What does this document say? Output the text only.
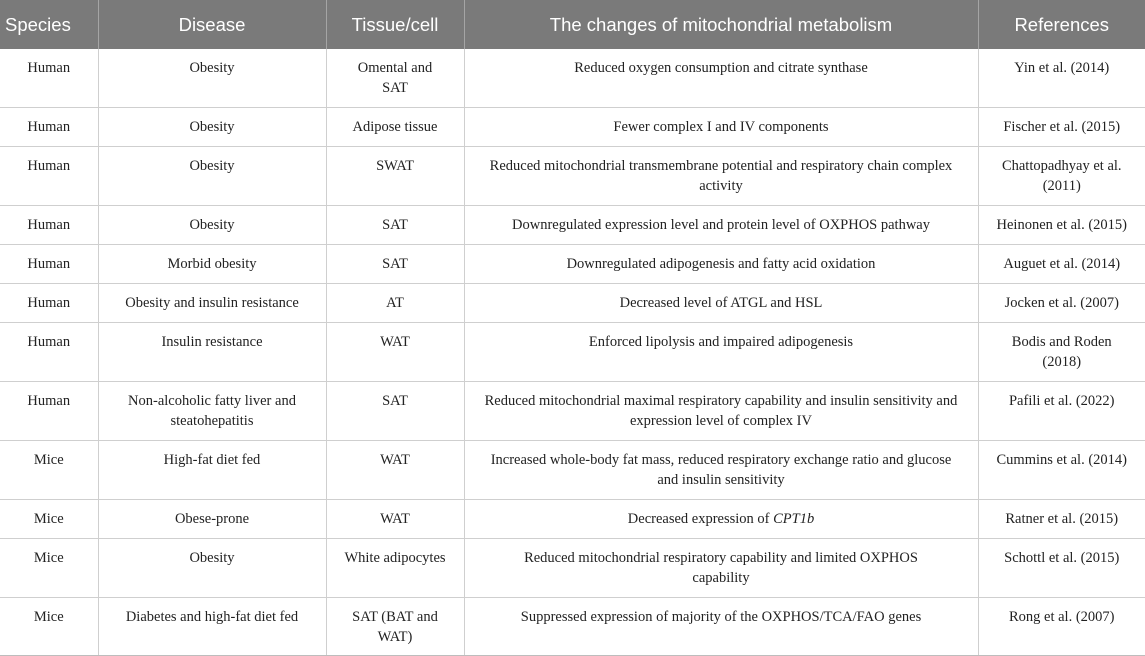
Species	Disease	Tissue/cell	The changes of mitochondrial metabolism	References
Human	Obesity	Omental and SAT	Reduced oxygen consumption and citrate synthase	Yin et al. (2014)
Human	Obesity	Adipose tissue	Fewer complex I and IV components	Fischer et al. (2015)
Human	Obesity	SWAT	Reduced mitochondrial transmembrane potential and respiratory chain complex activity	Chattopadhyay et al. (2011)
Human	Obesity	SAT	Downregulated expression level and protein level of OXPHOS pathway	Heinonen et al. (2015)
Human	Morbid obesity	SAT	Downregulated adipogenesis and fatty acid oxidation	Auguet et al. (2014)
Human	Obesity and insulin resistance	AT	Decreased level of ATGL and HSL	Jocken et al. (2007)
Human	Insulin resistance	WAT	Enforced lipolysis and impaired adipogenesis	Bodis and Roden (2018)
Human	Non-alcoholic fatty liver and steatohepatitis	SAT	Reduced mitochondrial maximal respiratory capability and insulin sensitivity and expression level of complex IV	Pafili et al. (2022)
Mice	High-fat diet fed	WAT	Increased whole-body fat mass, reduced respiratory exchange ratio and glucose and insulin sensitivity	Cummins et al. (2014)
Mice	Obese-prone	WAT	Decreased expression of CPT1b	Ratner et al. (2015)
Mice	Obesity	White adipocytes	Reduced mitochondrial respiratory capability and limited OXPHOS capability	Schottl et al. (2015)
Mice	Diabetes and high-fat diet fed	SAT (BAT and WAT)	Suppressed expression of majority of the OXPHOS/TCA/FAO genes	Rong et al. (2007)
